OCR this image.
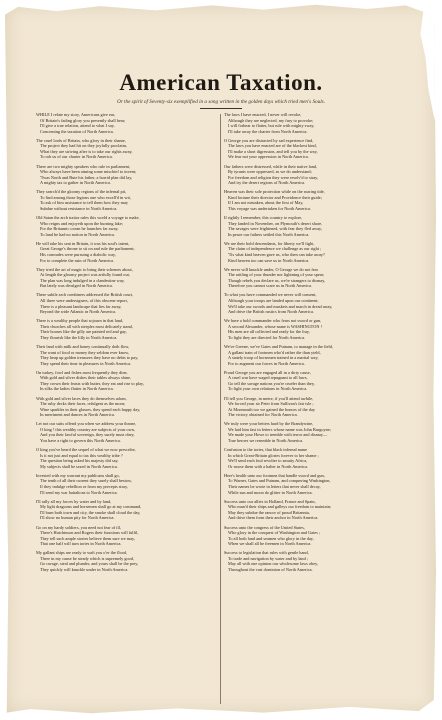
American Taxation.
Or the spirit of Seventy-six exemplified in a song written in the golden days which tried men's Souls.
WHILE I relate my story, Americans give ear,
Of Britain's fading glory you presently shall hear;
I'll give a true relation, attend to what I say,
Concerning the taxation of North America.
The cruel lords of Britain, who glory in their shame,
The project they had hit on they joyfully proclaim,
What they are striving after is to take our rights away,
To rob us of our charter in North America.
There are two mighty speakers who rule in parliament,
Who always have been aiming some mischief to invent;
'Twas North and Bute his father, a horrid plan did lay,
A mighty tax to gather in North America.
They search'd the gloomy regions of the infernal pit,
To find among those legions one who excell'd in wit,
To ask of him assistance to tell them how they may
Subdue without resistance in North America.
Old Satan the arch traitor rules this world a voyage to make,
Who reigns and enjoyeth upon the burning lake;
For the Britannic ocean he launches far away,
To land he had no notion in North America.
He will take his seat in Britain, it was his soul's intent,
Great George's throne to sit on and rule the parliament;
His comrades were pursuing a diabolic way,
For to complete the ruin of North America.
They tried the art of magic to bring their schemes about,
At length the gloomy project was artfully found out,
The plan was long indulged in a clandestine way,
But lately was divulged in North America.
These subtle arch combiners addressed the British court,
All three were undersigners, of this obscene report,
There is a pleasant landscape that lies far away,
Beyond the wide Atlantic in North America.
There is a wealthy people that sojourn in that land,
Their churches all with steeples most delicately stand,
Their houses like the gilly are painted red and gay,
They flourish like the lilly in North America.
Their land with milk and honey continually doth flow,
The want of food or money they seldom ever know,
They heap up golden treasures they have no debts to pay,
They spend their time in pleasures in North America.
On turkey, fowl and fishes most frequently they dine,
With gold and silver dishes their tables always shine,
They crown their feasts with butter, they eat and rise to play,
In silks the ladies flutter in North America.
With gold and silver laces they do themselves adorn,
The ruby decks their faces, refulgent as the morn;
Wine sparkles in their glasses, they spend each happy day,
In merriment and dances in North America.
Let not our suits offend you when we address your throne,
O king ! this wealthy country are subjects of your own,
And you their lawful sovereign, they surely must obey,
You have a right to govern this North America.
O king you've heard the sequel of what we now prescribe,
Is it not just and equal to tax this wealthy tribe ?
The question being asked his majesty did say,
My subjects shall be taxed in North America.
Invested with my warrant my publicans shall go,
The tenth of all their current they surely shall bestow,
If they indulge rebellion or from my precepts stray,
I'll send my war battalions to North America.
I'll rally all my forces by water and by land,
My light dragoons and horsemen shall go at my command,
I'll burn both town and city, the smoke shall cloud the day,
I'll show no human pity for North America.
Go on my hardy soldiers, you need not fear of ill,
There's Hutchinson and Rogers their functions will fulfil,
They tell such ample stories believe them sure we may,
That one half will turn tories in North America.
My gallant ships are ready to waft you o'er the flood,
There in my cause be steady which is supremely good,
Go ravage, steal and plunder, and yours shall be the prey,
They quickly will knuckle under in North America.
The laws I have enacted, I never will revoke,
Although they are neglected, my fury to provoke;
I will forbear to flatter, but rule with mighty sway,
I'll take away the charter from North America.
O George you are distracted by sad experience find,
The laws you have enacted are of the blackest kind,
I'll make a short digression, and tell you by the way,
We fear not your oppression in North America.
Our fathers were distressed, while in their native land,
By tyrants were oppressed, as we do understand;
For freedom and religion they were resolv'd to stray,
And try the desert regions of North America.
Heaven was their sole protection while on the roaring tide,
Kind fortune their director and Providence their guide;
If I am not mistaken, about the first of May,
This voyage was undertaken for North America.
If rightly I remember, this country to explore,
They landed in November, on Plymouth's desert shore,
The savages were frightened, with fear they fled away,
In peace our fathers settled this North America.
We are their bold descendants, for liberty we'll fight,
The claim of independence we challenge as our right ;
'Tis what kind heaven gave us, who then can take away?
Kind heaven too can save us in North America.
We never will knuckle under, O George we do not fear
The rattling of your thunder nor lightning of your spear;
Though rebels you declare us, we're strangers to dismay,
Therefore you cannot scare us in North America.
To what you have commanded we never will consent,
Although your troops are landed upon our continent;
We'll take our swords and muskets and march in dread array,
And drive the British rustics from North America.
We have a bold commander who fears not sword or gun,
A second Alexander, whose name is WASHINGTON !
His men are all collected and ready for the fray,
To fight they are directed for North America.
We've Greene, we've Gates and Putnam, to manage in the field,
A gallant train of footmen who'd rather die than yield,
A stately troop of horsemen trained in a martial way,
For to augment our forces in North America.
Proud George you are engaged all in a dirty cause,
A cruel war have waged repugnant to all laws,
Go tell the savage nations you're crueler than they,
To fight your own relations in North America.
I'll tell you George, in metre, if you'll attend awhile,
We forced your sir Peter from Sullivan's fair isle ;
At Monmouth too we gained the honors of the day
The victory obtained for North America.
We truly were your betters hard by the Brandywine,
We laid him fast in fetters whose name was John Burgoyne;
We made your Howe to tremble with terror and dismay—
True heroes we resemble in North America.
Confusion to the tories, that black infernal name
In which Great-Britain glories forever to her shame ;
We'll send each foul revolter to smutty Africa,
Or noose them with a halter in North America.
Here's health unto our footmen that handle sword and gun,
To Warner, Gates and Putnam, and conquering Washington,
Their names be wrote in letters that never shall decay,
While sun and moon do glitter in North America.
Success unto our allies in Holland, France and Spain,
Who man'd their ships and galleys our freedom to maintain;
May they subdue the rancor of proud Britannia,
And drive them from their anchor in North America.
Success unto the congress of the United States,
Who glory in the conquest of Washington and Gates ;
To all both land and seamen who glory in the day,
When we shall all be freemen in North America.
Success to legislation that rules with gentle hand,
To trade and navigation by water and by land ;
May all with one opinion our wholesome laws obey,
Throughout the vast dominion of North America.
